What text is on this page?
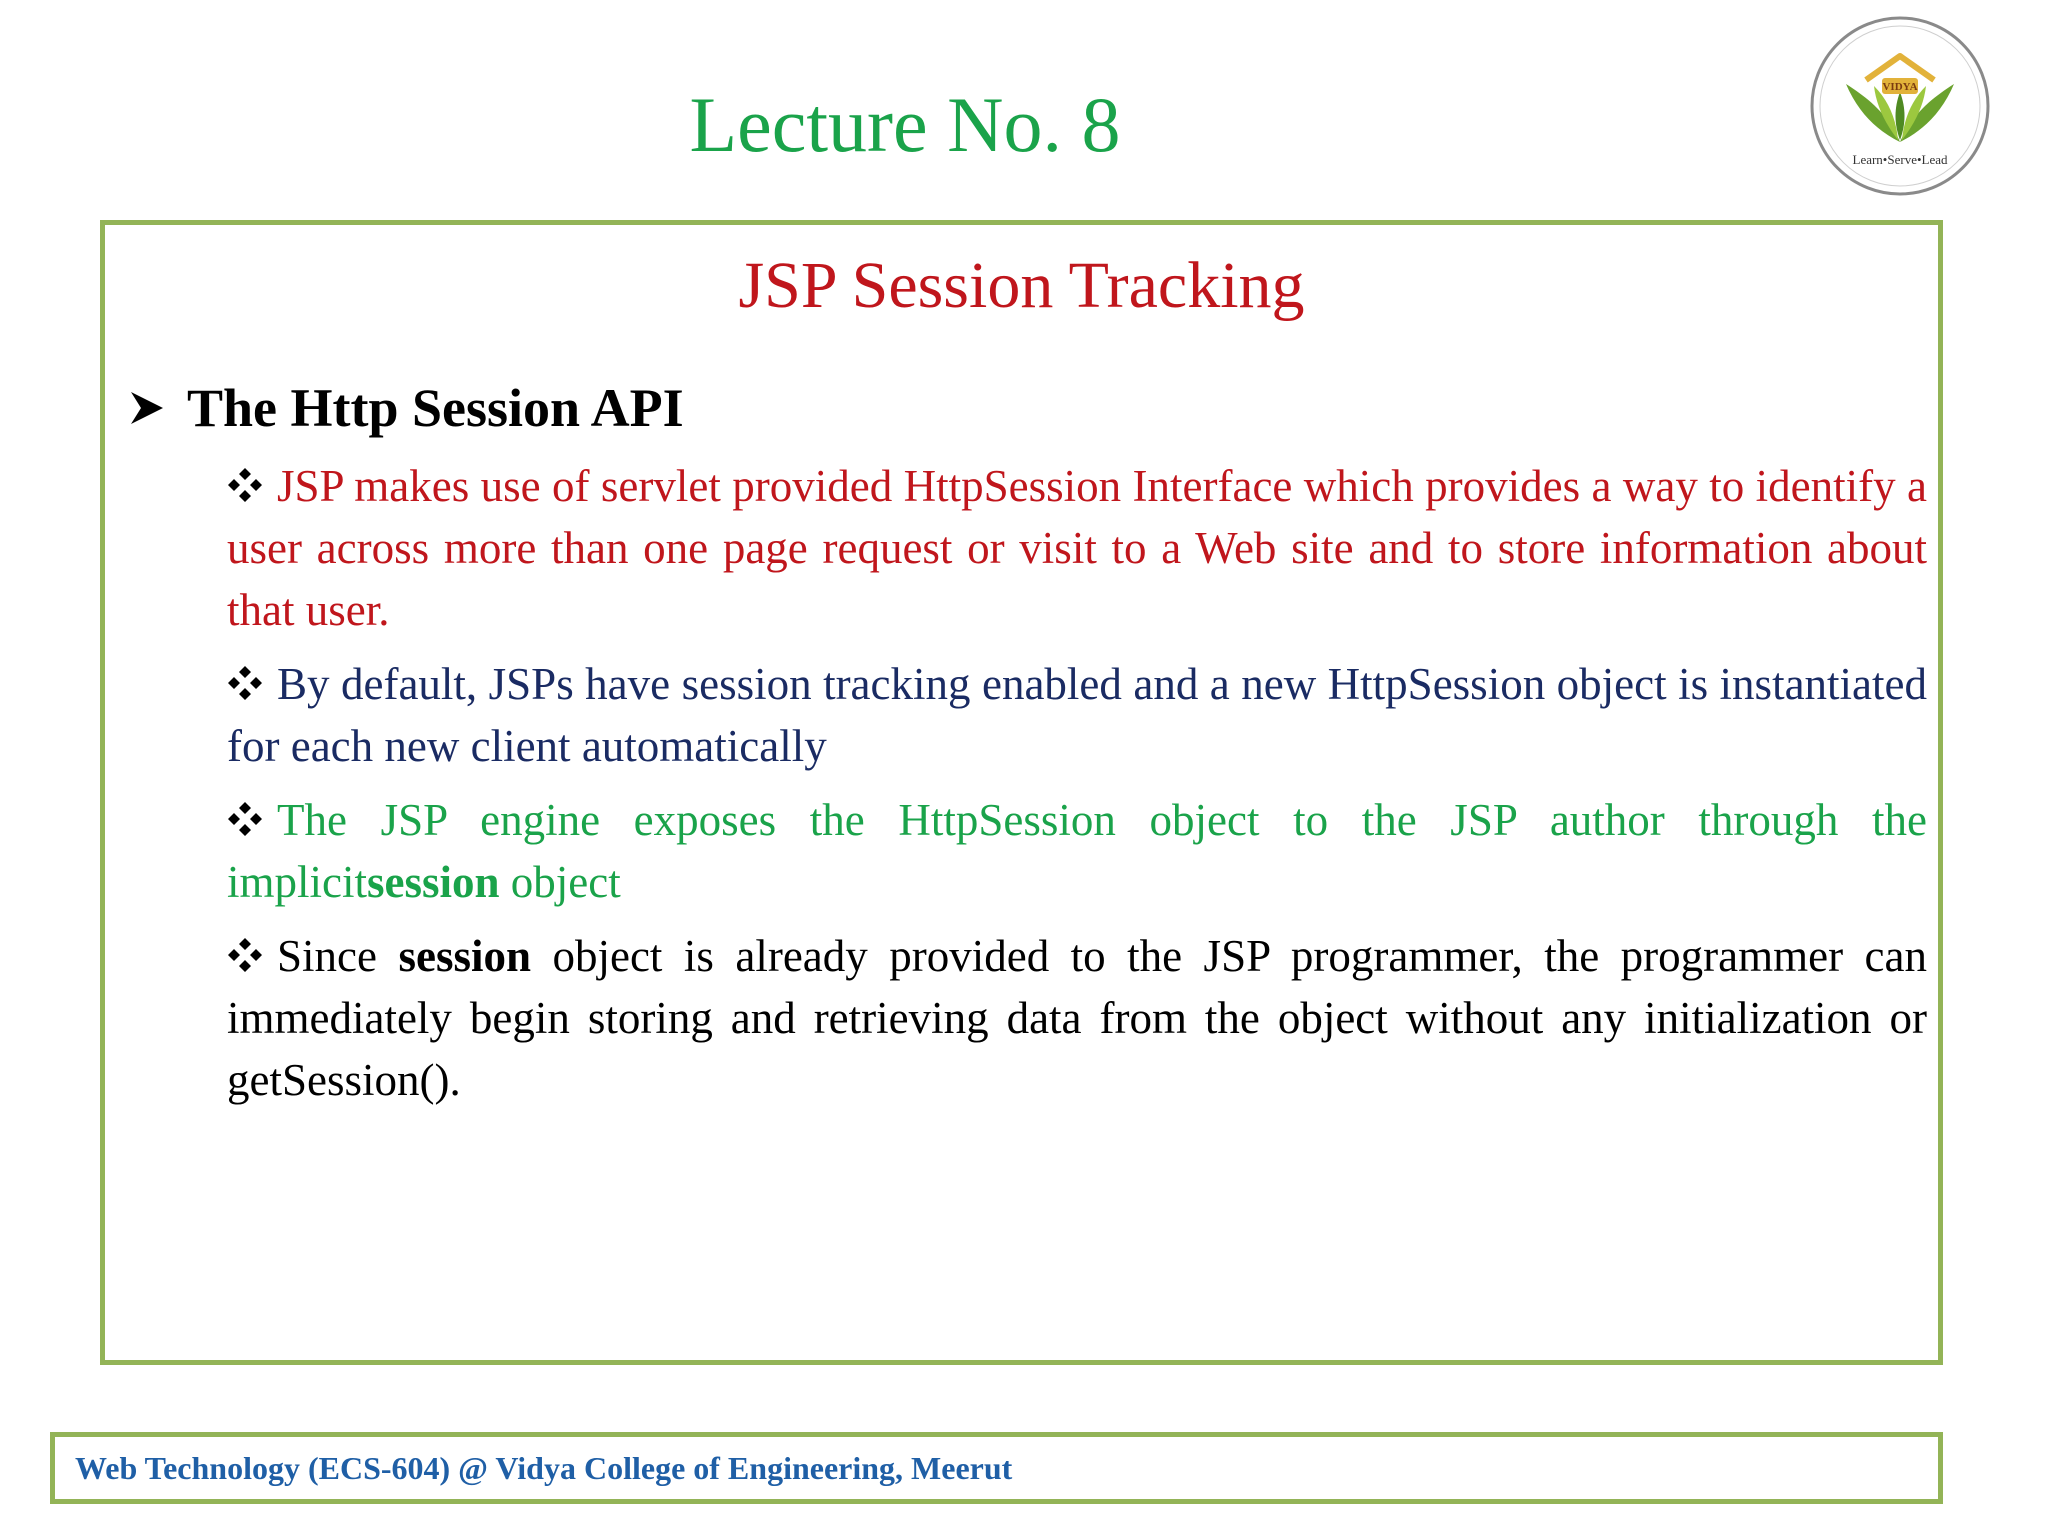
Lecture No. 8	VIDYA
Learn•Serve•Lead
JSP Session Tracking
The Http Session API

JSP makes use of servlet provided HttpSession Interface which provides a way to identify a user across more than one page request or visit to a Web site and to store information about that user.

By default, JSPs have session tracking enabled and a new HttpSession object is instantiated for each new client automatically

The JSP engine exposes the HttpSession object to the JSP author through the implicitsession object

Since session object is already provided to the JSP programmer, the programmer can immediately begin storing and retrieving data from the object without any initialization or getSession().

Web Technology (ECS-604) @ Vidya College of Engineering, Meerut
